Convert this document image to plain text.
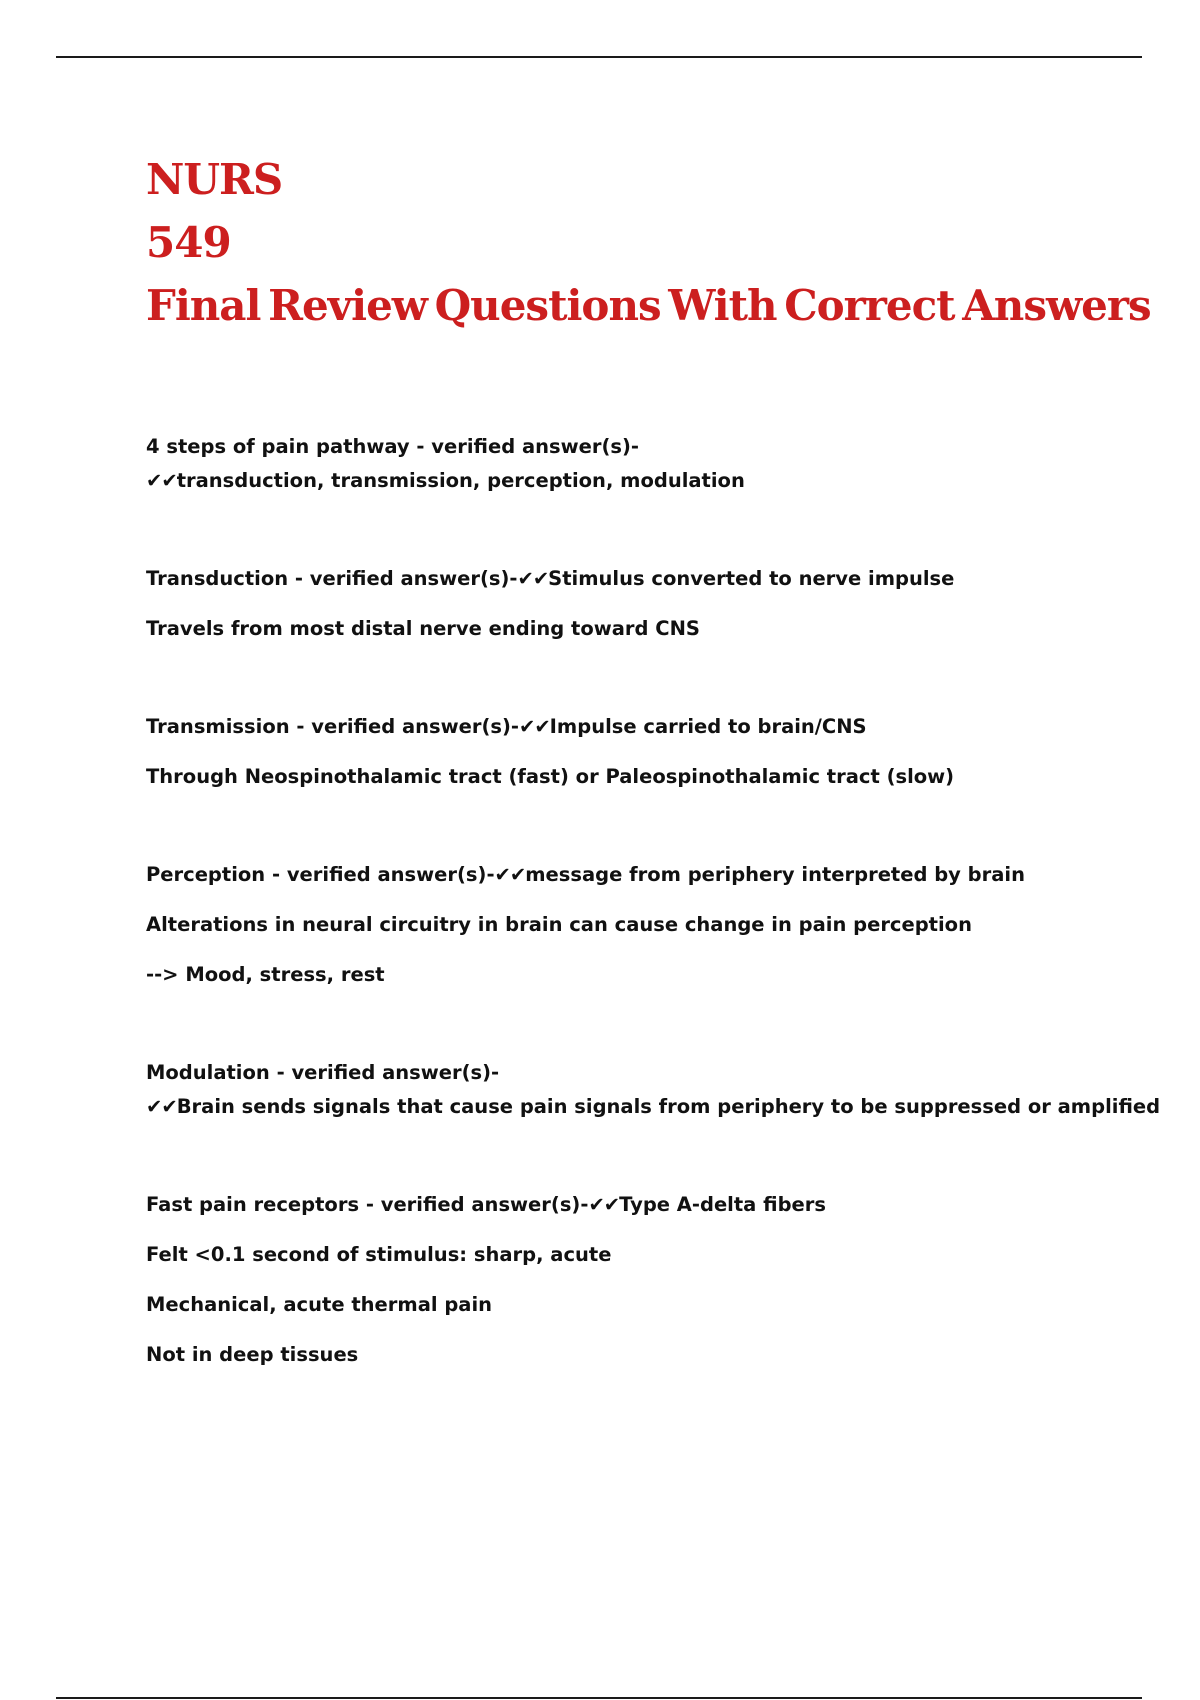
NURS
549
Final Review Questions With Correct Answers

4 steps of pain pathway - verified answer(s)-

✔✔transduction, transmission, perception, modulation

Transduction - verified answer(s)-✔✔Stimulus converted to nerve impulse

Travels from most distal nerve ending toward CNS

Transmission - verified answer(s)-✔✔Impulse carried to brain/CNS

Through Neospinothalamic tract (fast) or Paleospinothalamic tract (slow)

Perception - verified answer(s)-✔✔message from periphery interpreted by brain

Alterations in neural circuitry in brain can cause change in pain perception

--> Mood, stress, rest

Modulation - verified answer(s)-

✔✔Brain sends signals that cause pain signals from periphery to be suppressed or amplified

Fast pain receptors - verified answer(s)-✔✔Type A-delta fibers

Felt <0.1 second of stimulus: sharp, acute

Mechanical, acute thermal pain

Not in deep tissues
